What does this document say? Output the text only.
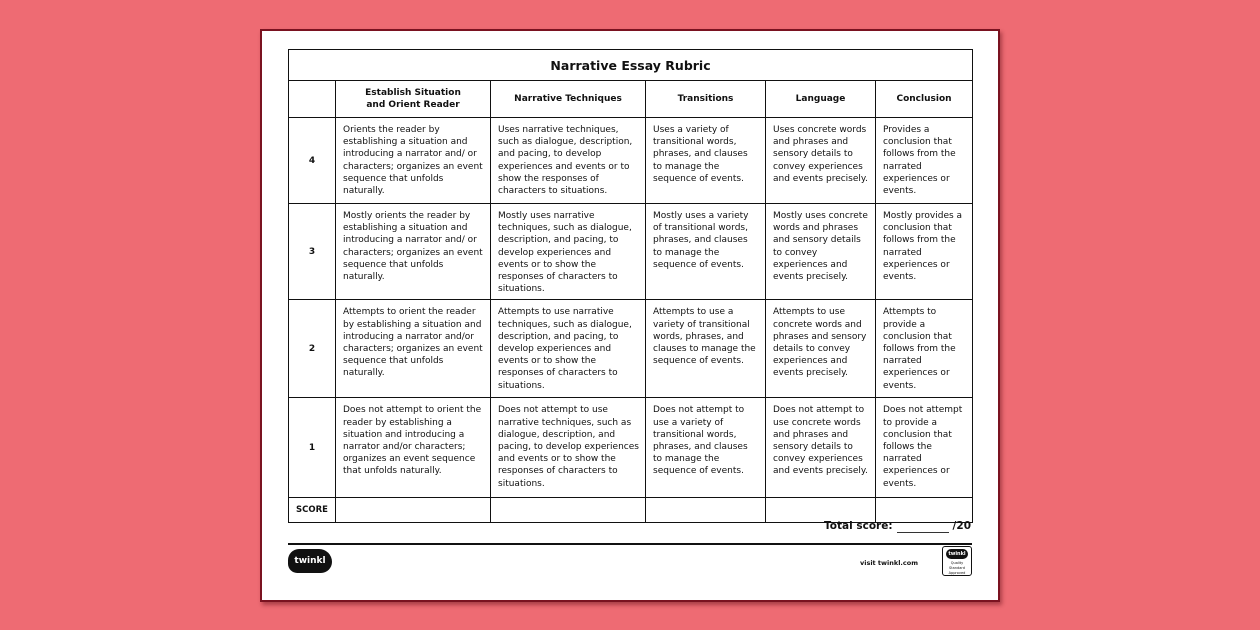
Narrative Essay Rubric					
	Establish Situation and Orient Reader	Narrative Techniques	Transitions	Language	Conclusion
4	Orients the reader by establishing a situation and introducing a narrator and/ or characters; organizes an event sequence that unfolds naturally.	Uses narrative techniques, such as dialogue, description, and pacing, to develop experiences and events or to show the responses of characters to situations.	Uses a variety of transitional words, phrases, and clauses to manage the sequence of events.	Uses concrete words and phrases and sensory details to convey experiences and events precisely.	Provides a conclusion that follows from the narrated experiences or events.
3	Mostly orients the reader by establishing a situation and introducing a narrator and/ or characters; organizes an event sequence that unfolds naturally.	Mostly uses narrative techniques, such as dialogue, description, and pacing, to develop experiences and events or to show the responses of characters to situations.	Mostly uses a variety of transitional words, phrases, and clauses to manage the sequence of events.	Mostly uses concrete words and phrases and sensory details to convey experiences and events precisely.	Mostly provides a conclusion that follows from the narrated experiences or events.
2	Attempts to orient the reader by establishing a situation and introducing a narrator and/or characters; organizes an event sequence that unfolds naturally.	Attempts to use narrative techniques, such as dialogue, description, and pacing, to develop experiences and events or to show the responses of characters to situations.	Attempts to use a variety of transitional words, phrases, and clauses to manage the sequence of events.	Attempts to use concrete words and phrases and sensory details to convey experiences and events precisely.	Attempts to provide a conclusion that follows from the narrated experiences or events.
1	Does not attempt to orient the reader by establishing a situation and introducing a narrator and/or characters; organizes an event sequence that unfolds naturally.	Does not attempt to use narrative techniques, such as dialogue, description, and pacing, to develop experiences and events or to show the responses of characters to situations.	Does not attempt to use a variety of transitional words, phrases, and clauses to manage the sequence of events.	Does not attempt to use concrete words and phrases and sensory details to convey experiences and events precisely.	Does not attempt to provide a conclusion that follows the narrated experiences or events.
SCORE					
Total score:	/20
twinkl	visit twinkl.com
twinkl
Quality Standard Approved
